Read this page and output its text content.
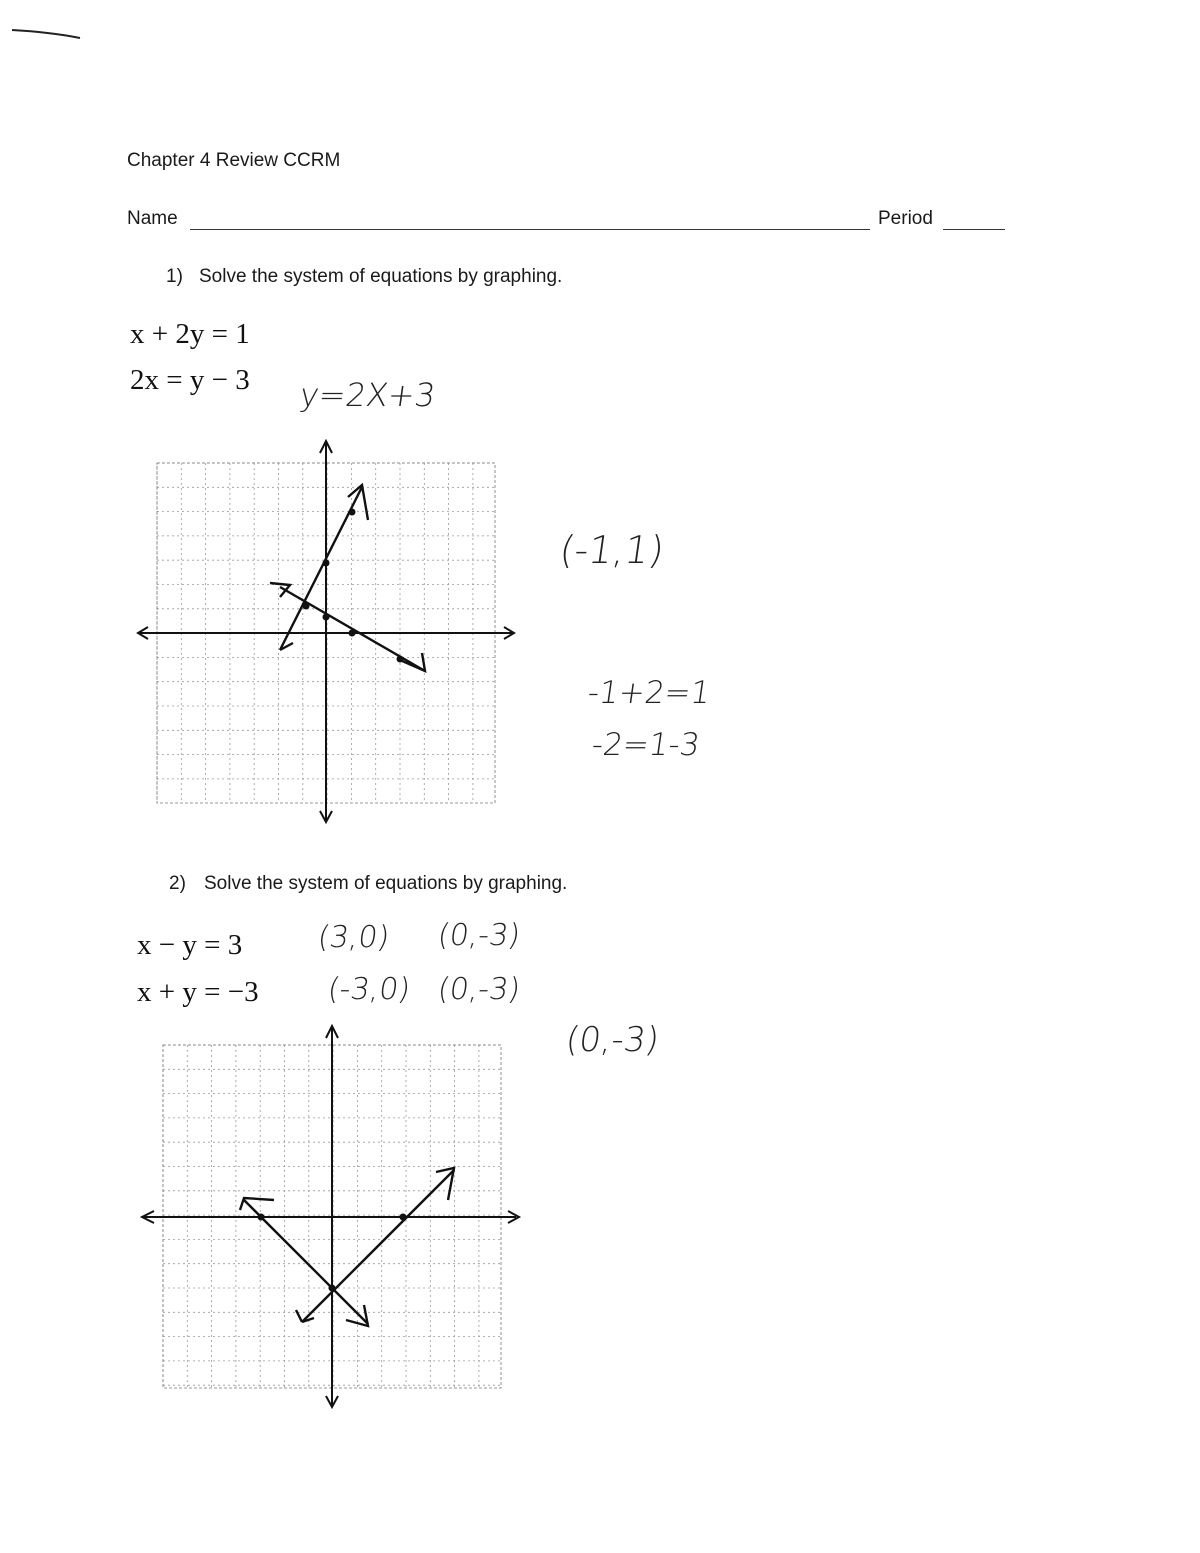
Chapter 4 Review CCRM
Name	Period
1) Solve the system of equations by graphing.
x + 2y = 1
2x = y − 3 y=2X+3
(-1,1)
-1+2=1
-2=1-3
2) Solve the system of equations by graphing.
x − y = 3
x + y = −3
(3,0) (0,-3)
(-3,0) (0,-3)
(0,-3)
